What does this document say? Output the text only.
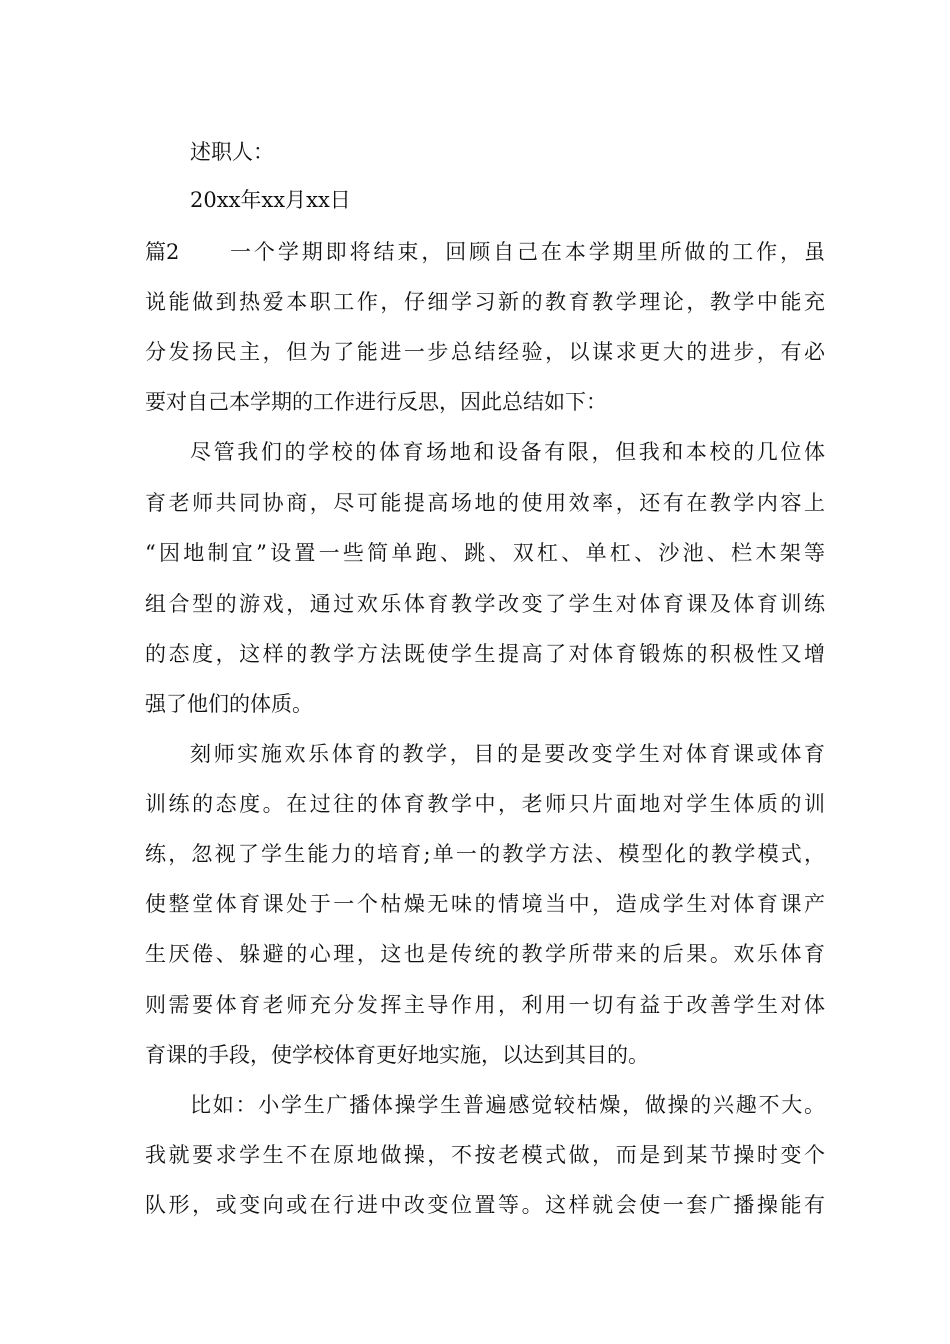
述职人：
20xx年xx月xx日
篇2 一个学期即将结束，回顾自己在本学期里所做的工作，虽
说能做到热爱本职工作，仔细学习新的教育教学理论，教学中能充
分发扬民主，但为了能进一步总结经验，以谋求更大的进步，有必
要对自己本学期的工作进行反思，因此总结如下：
尽管我们的学校的体育场地和设备有限，但我和本校的几位体
育老师共同协商，尽可能提高场地的使用效率，还有在教学内容上
“因地制宜”设置一些简单跑、跳、双杠、单杠、沙池、栏木架等
组合型的游戏，通过欢乐体育教学改变了学生对体育课及体育训练
的态度，这样的教学方法既使学生提高了对体育锻炼的积极性又增
强了他们的体质。
刻师实施欢乐体育的教学，目的是要改变学生对体育课或体育
训练的态度。在过往的体育教学中，老师只片面地对学生体质的训
练，忽视了学生能力的培育;单一的教学方法、模型化的教学模式，
使整堂体育课处于一个枯燥无味的情境当中，造成学生对体育课产
生厌倦、躲避的心理，这也是传统的教学所带来的后果。欢乐体育
则需要体育老师充分发挥主导作用，利用一切有益于改善学生对体
育课的手段，使学校体育更好地实施，以达到其目的。
比如：小学生广播体操学生普遍感觉较枯燥，做操的兴趣不大。
我就要求学生不在原地做操，不按老模式做，而是到某节操时变个
队形，或变向或在行进中改变位置等。这样就会使一套广播操能有
